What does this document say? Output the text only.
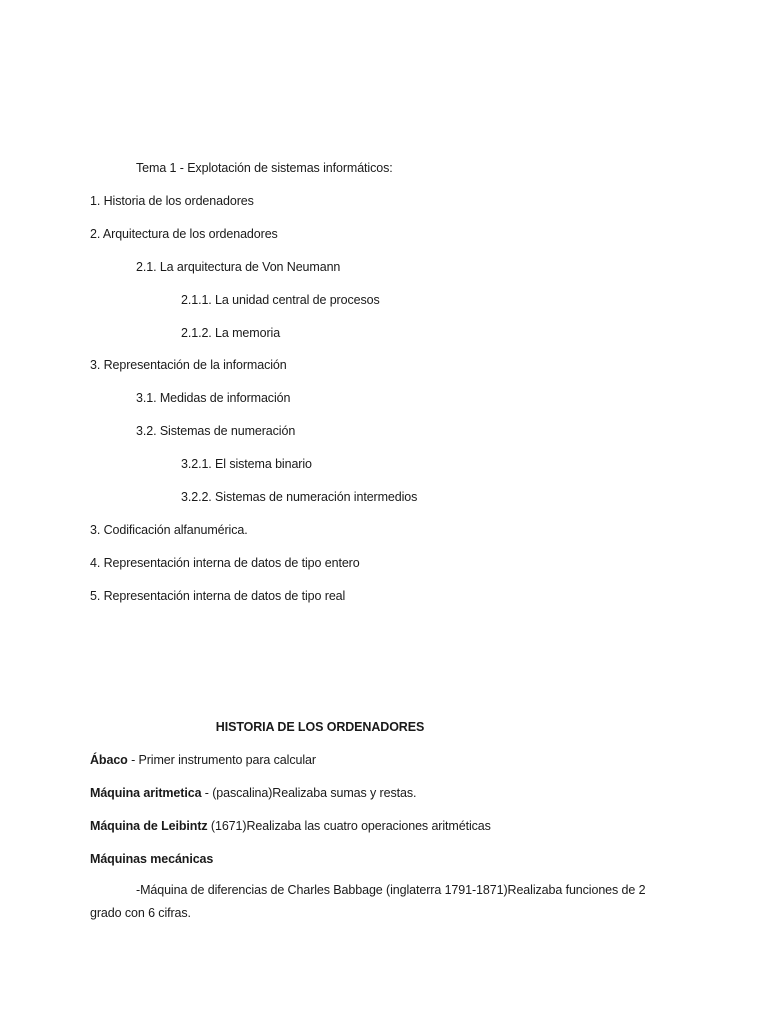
Tema 1 - Explotación de sistemas informáticos:
1. Historia de los ordenadores
2. Arquitectura de los ordenadores
2.1. La arquitectura de Von Neumann
2.1.1. La unidad central de procesos
2.1.2. La memoria
3. Representación de la información
3.1. Medidas de información
3.2. Sistemas de numeración
3.2.1. El sistema binario
3.2.2. Sistemas de numeración intermedios
3. Codificación alfanumérica.
4. Representación interna de datos de tipo entero
5. Representación interna de datos de tipo real
HISTORIA DE LOS ORDENADORES
Ábaco - Primer instrumento para calcular
Máquina aritmetica - (pascalina)Realizaba sumas y restas.
Máquina de Leibintz (1671)Realizaba las cuatro operaciones aritméticas
Máquinas mecánicas
-Máquina de diferencias de Charles Babbage (inglaterra 1791-1871)Realizaba funciones de 2 grado con 6 cifras.
